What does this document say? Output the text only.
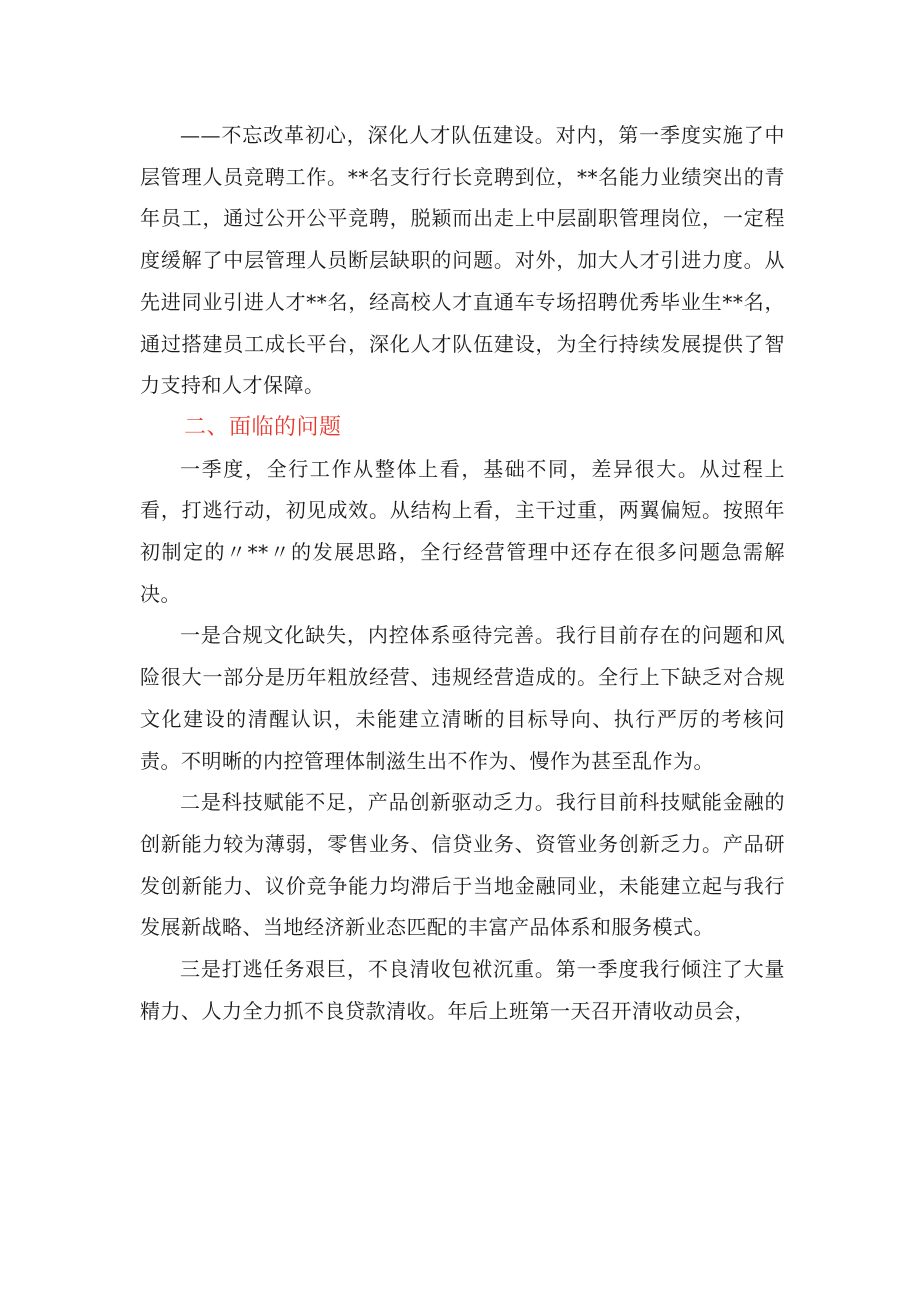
——不忘改革初心，深化人才队伍建设。对内，第一季度实施了中层管理人员竞聘工作。**名支行行长竞聘到位，**名能力业绩突出的青年员工，通过公开公平竞聘，脱颖而出走上中层副职管理岗位，一定程度缓解了中层管理人员断层缺职的问题。对外，加大人才引进力度。从先进同业引进人才**名，经高校人才直通车专场招聘优秀毕业生**名，通过搭建员工成长平台，深化人才队伍建设，为全行持续发展提供了智力支持和人才保障。

二、面临的问题

一季度，全行工作从整体上看，基础不同，差异很大。从过程上看，打逃行动，初见成效。从结构上看，主干过重，两翼偏短。按照年初制定的〃**〃的发展思路，全行经营管理中还存在很多问题急需解决。

一是合规文化缺失，内控体系亟待完善。我行目前存在的问题和风险很大一部分是历年粗放经营、违规经营造成的。全行上下缺乏对合规文化建设的清醒认识，未能建立清晰的目标导向、执行严厉的考核问责。不明晰的内控管理体制滋生出不作为、慢作为甚至乱作为。

二是科技赋能不足，产品创新驱动乏力。我行目前科技赋能金融的创新能力较为薄弱，零售业务、信贷业务、资管业务创新乏力。产品研发创新能力、议价竞争能力均滞后于当地金融同业，未能建立起与我行发展新战略、当地经济新业态匹配的丰富产品体系和服务模式。

三是打逃任务艰巨，不良清收包袱沉重。第一季度我行倾注了大量精力、人力全力抓不良贷款清收。年后上班第一天召开清收动员会，
